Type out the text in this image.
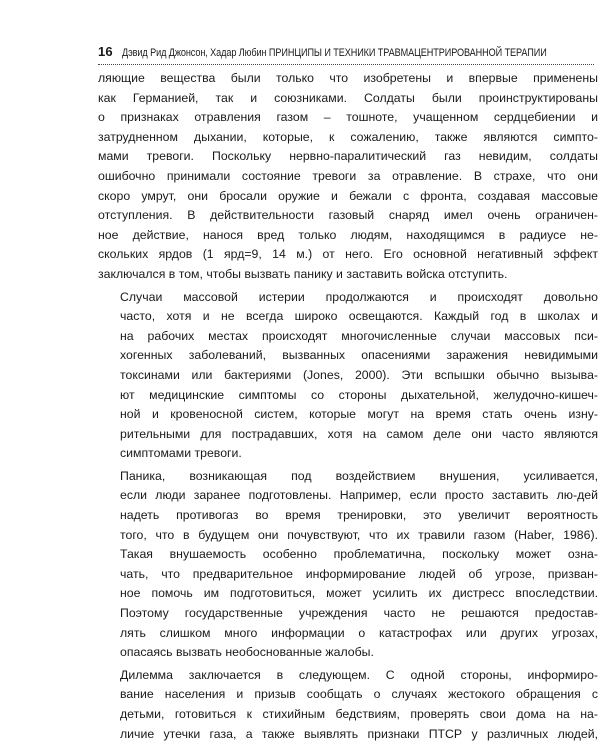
16 Дэвид Рид Джонсон, Хадар Любин ПРИНЦИПЫ И ТЕХНИКИ ТРАВМАЦЕНТРИРОВАННОЙ ТЕРАПИИ

ляющие вещества были только что изобретены и впервые применены
как Германией, так и союзниками. Солдаты были проинструктированы
о признаках отравления газом – тошноте, учащенном сердцебиении и
затрудненном дыхании, которые, к сожалению, также являются симпто-
мами тревоги. Поскольку нервно-паралитический газ невидим, солдаты
ошибочно принимали состояние тревоги за отравление. В страхе, что они
скоро умрут, они бросали оружие и бежали с фронта, создавая массовые
отступления. В действительности газовый снаряд имел очень ограничен-
ное действие, нанося вред только людям, находящимся в радиусе не-
скольких ярдов (1 ярд=9, 14 м.) от него. Его основной негативный эффект
заключался в том, чтобы вызвать панику и заставить войска отступить.

Случаи массовой истерии продолжаются и происходят довольно
часто, хотя и не всегда широко освещаются. Каждый год в школах и
на рабочих местах происходят многочисленные случаи массовых пси-
хогенных заболеваний, вызванных опасениями заражения невидимыми
токсинами или бактериями (Jones, 2000). Эти вспышки обычно вызыва-
ют медицинские симптомы со стороны дыхательной, желудочно-кишеч-
ной и кровеносной систем, которые могут на время стать очень изну-
рительными для пострадавших, хотя на самом деле они часто являются
симптомами тревоги.

Паника, возникающая под воздействием внушения, усиливается,
если люди заранее подготовлены. Например, если просто заставить лю-дей
надеть противогаз во время тренировки, это увеличит вероятность
того, что в будущем они почувствуют, что их травили газом (Haber, 1986).
Такая внушаемость особенно проблематична, поскольку может озна-
чать, что предварительное информирование людей об угрозе, призван-
ное помочь им подготовиться, может усилить их дистресс впоследствии.
Поэтому государственные учреждения часто не решаются предостав-
лять слишком много информации о катастрофах или других угрозах,
опасаясь вызвать необоснованные жалобы.

Дилемма заключается в следующем. С одной стороны, информиро-
вание населения и призыв сообщать о случаях жестокого обращения с
детьми, готовиться к стихийным бедствиям, проверять свои дома на на-
личие утечки газа, а также выявлять признаки ПТСР у различных людей,
